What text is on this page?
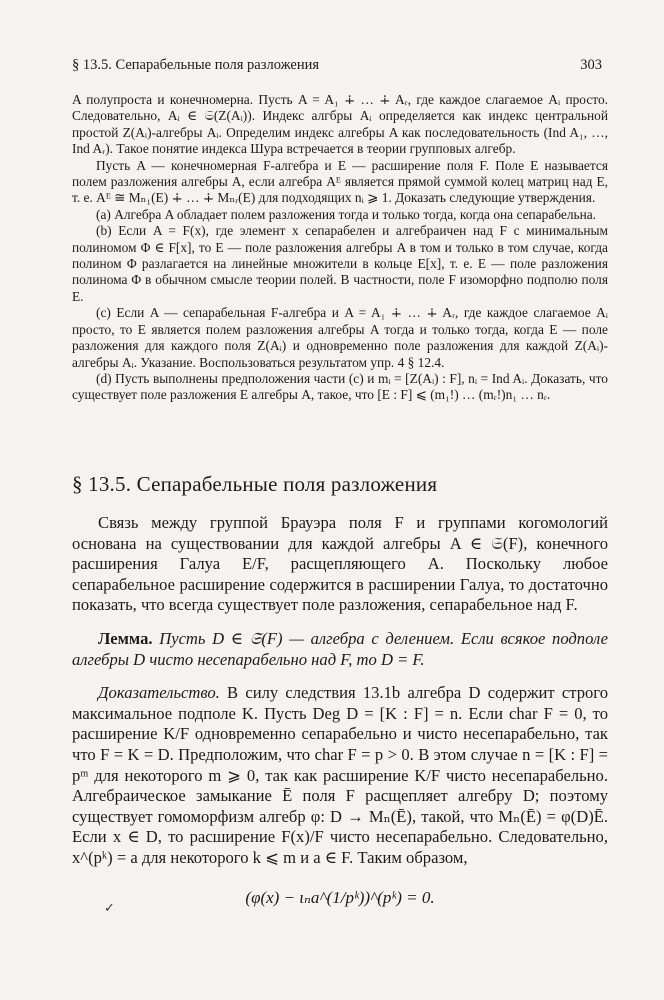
§ 13.5. Сепарабельные поля разложения	303

A полупроста и конечномерна. Пусть A = A₁ ∔ … ∔ Aᵣ, где каждое слагаемое Aᵢ просто. Следовательно, Aᵢ ∈ 𝔖(Z(Aᵢ)). Индекс алгбры Aᵢ определяется как индекс центральной простой Z(Aᵢ)-алгебры Aᵢ. Определим индекс алгебры A как последовательность (Ind A₁, …, Ind Aᵣ). Такое понятие индекса Шура встречается в теории групповых алгебр.

Пусть A — конечномерная F-алгебра и E — расширение поля F. Поле E называется полем разложения алгебры A, если алгебра Aᴱ является прямой суммой колец матриц над E, т. е. Aᴱ ≅ Mₙ₁(E) ∔ … ∔ Mₙᵣ(E) для подходящих nᵢ ⩾ 1. Доказать следующие утверждения.

(a) Алгебра A обладает полем разложения тогда и только тогда, когда она сепарабельна.

(b) Если A = F(x), где элемент x сепарабелен и алгебраичен над F с минимальным полиномом Φ ∈ F[x], то E — поле разложения алгебры A в том и только в том случае, когда полином Φ разлагается на линейные множители в кольце E[x], т. е. E — поле разложения полинома Φ в обычном смысле теории полей. В частности, поле F изоморфно подполю поля E.

(c) Если A — сепарабельная F-алгебра и A = A₁ ∔ … ∔ Aᵣ, где каждое слагаемое Aᵢ просто, то E является полем разложения алгебры A тогда и только тогда, когда E — поле разложения для каждого поля Z(Aᵢ) и одновременно поле разложения для каждой Z(Aᵢ)-алгебры Aᵢ. Указание. Воспользоваться результатом упр. 4 § 12.4.

(d) Пусть выполнены предположения части (c) и mᵢ = [Z(Aᵢ) : F], nᵢ = Ind Aᵢ. Доказать, что существует поле разложения E алгебры A, такое, что [E : F] ⩽ (m₁!) … (mᵣ!)n₁ … nᵣ.

§ 13.5. Сепарабельные поля разложения

Связь между группой Брауэра поля F и группами когомологий основана на существовании для каждой алгебры A ∈ 𝔖(F), конечного расширения Галуа E/F, расщепляющего A. Поскольку любое сепарабельное расширение содержится в расширении Галуа, то достаточно показать, что всегда существует поле разложения, сепарабельное над F.

Лемма. Пусть D ∈ 𝔖(F) — алгебра с делением. Если всякое подполе алгебры D чисто несепарабельно над F, то D = F.

Доказательство. В силу следствия 13.1b алгебра D содержит строго максимальное подполе K. Пусть Deg D = [K : F] = n. Если char F = 0, то расширение K/F одновременно сепарабельно и чисто несепарабельно, так что F = K = D. Предположим, что char F = p > 0. В этом случае n = [K : F] = pᵐ для некоторого m ⩾ 0, так как расширение K/F чисто несепарабельно. Алгебраическое замыкание Ē поля F расщепляет алгебру D; поэтому существует гомоморфизм алгебр φ: D → Mₙ(Ē), такой, что Mₙ(Ē) = φ(D)Ē. Если x ∈ D, то расширение F(x)/F чисто несепарабельно. Следовательно, x^(pᵏ) = a для некоторого k ⩽ m и a ∈ F. Таким образом,

(φ(x) − ιₙa^(1/pᵏ))^(pᵏ) = 0.
✓
